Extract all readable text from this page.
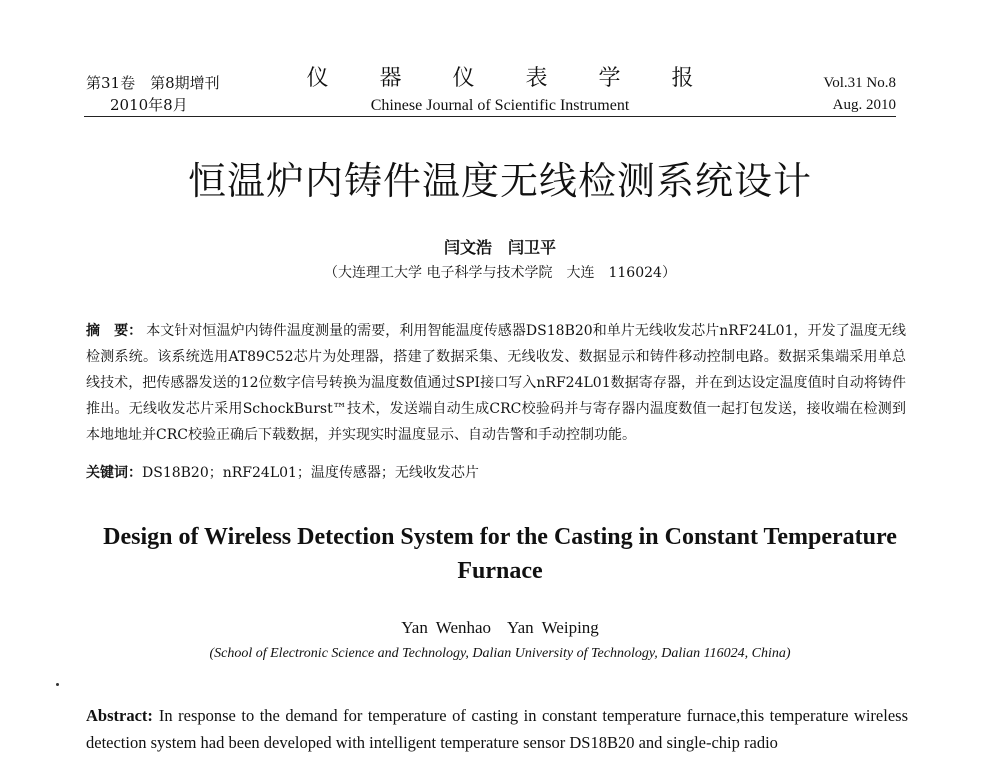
第31卷　第8期增刊
2010年8月
仪 器 仪 表 学 报
Chinese Journal of Scientific Instrument
Vol.31 No.8
Aug. 2010
恒温炉内铸件温度无线检测系统设计
闫文浩　闫卫平
（大连理工大学 电子科学与技术学院　大连　116024）
摘　要： 本文针对恒温炉内铸件温度测量的需要，利用智能温度传感器DS18B20和单片无线收发芯片nRF24L01，开发了温度无线检测系统。该系统选用AT89C52芯片为处理器，搭建了数据采集、无线收发、数据显示和铸件移动控制电路。数据采集端采用单总线技术，把传感器发送的12位数字信号转换为温度数值通过SPI接口写入nRF24L01数据寄存器，并在到达设定温度值时自动将铸件推出。无线收发芯片采用SchockBurst™技术，发送端自动生成CRC校验码并与寄存器内温度数值一起打包发送，接收端在检测到本地地址并CRC校验正确后下载数据，并实现实时温度显示、自动告警和手动控制功能。
关键词：DS18B20；nRF24L01；温度传感器；无线收发芯片
Design of Wireless Detection System for the Casting in Constant Temperature Furnace
Yan Wenhao Yan Weiping
(School of Electronic Science and Technology, Dalian University of Technology, Dalian 116024, China)
Abstract: In response to the demand for temperature of casting in constant temperature furnace,this temperature wireless detection system had been developed with intelligent temperature sensor DS18B20 and single-chip radio
